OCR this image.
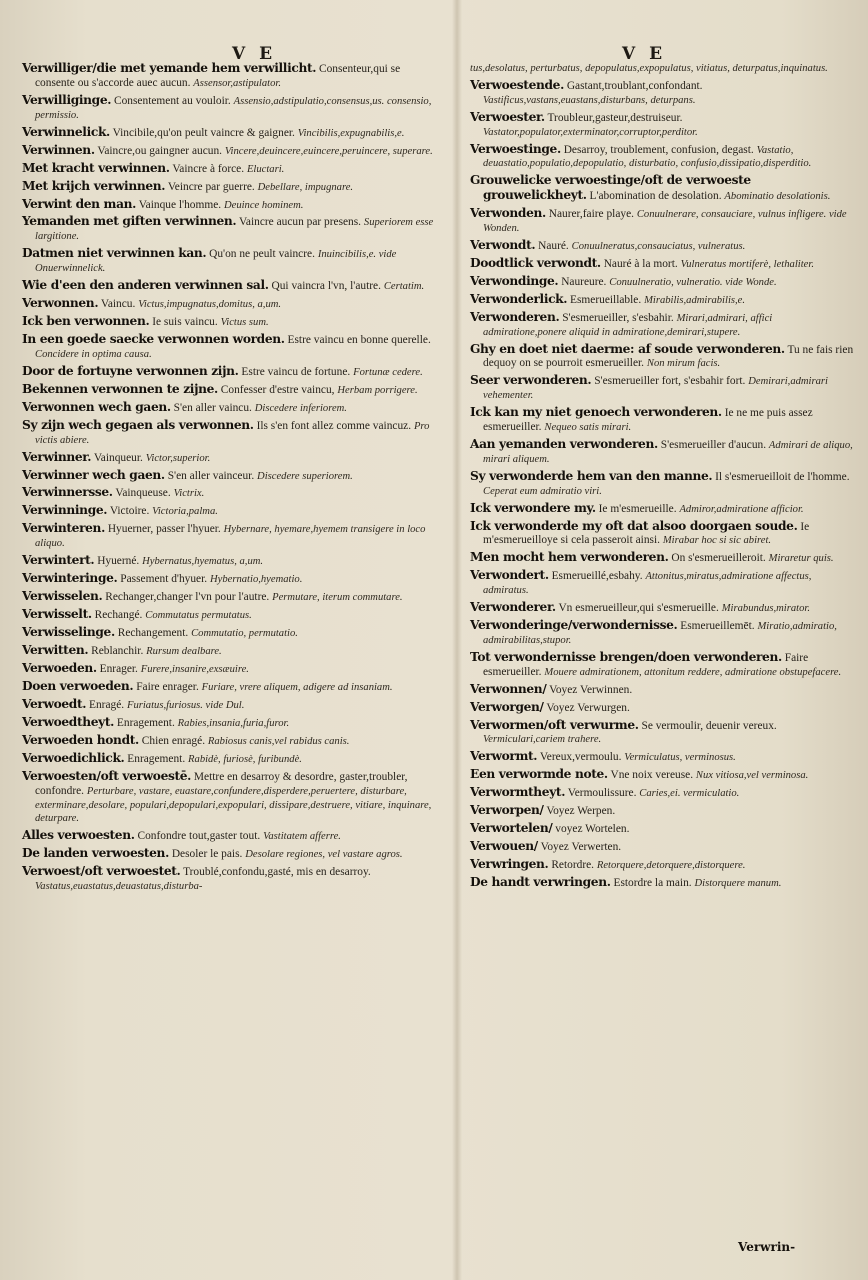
V E	V E
Verwilliger/die met yemande hem verwillicht. Consenteur,qui se consente ou s'accorde auec aucun. Assensor,astipulator.
Verwilliginge. Consentement au vouloir. Assensio,adstipulatio,consensus,us. consensio, permissio.
Verwinnelick. Vincibile,qu'on peult vaincre & gaigner. Vincibilis,expugnabilis,e.
Verwinnen. Vaincre,ou gaingner aucun. Vincere,deuincere,euincere,peruincere, superare.
Met kracht verwinnen. Vaincre à force. Eluctari.
Met krijch verwinnen. Veincre par guerre. Debellare, impugnare.
Verwint den man. Vainque l'homme. Deuince hominem.
Yemanden met giften verwinnen. Vaincre aucun par presens. Superiorem esse largitione.
Datmen niet verwinnen kan. Qu'on ne peult vaincre. Inuincibilis,e. vide Onuerwinnelick.
Wie d'een den anderen verwinnen sal. Qui vaincra l'vn, l'autre. Certatim.
Verwonnen. Vaincu. Victus,impugnatus,domitus, a,um.
Ick ben verwonnen. Ie suis vaincu. Victus sum.
In een goede saecke verwonnen worden. Estre vaincu en bonne querelle. Concidere in optima causa.
Door de fortuyne verwonnen zijn. Estre vaincu de fortune. Fortunæ cedere.
Bekennen verwonnen te zijne. Confesser d'estre vaincu, Herbam porrigere.
Verwonnen wech gaen. S'en aller vaincu. Discedere inferiorem.
Sy zijn wech gegaen als verwonnen. Ils s'en font allez comme vaincuz. Pro victis abiere.
Verwinner. Vainqueur. Victor,superior.
Verwinner wech gaen. S'en aller vainceur. Discedere superiorem.
Verwinnersse. Vainqueuse. Victrix.
Verwinninge. Victoire. Victoria,palma.
Verwinteren. Hyuerner, passer l'hyuer. Hybernare, hyemare,hyemem transigere in loco aliquo.
Verwintert. Hyuerné. Hybernatus,hyematus, a,um.
Verwinteringe. Passement d'hyuer. Hybernatio,hyematio.
Verwisselen. Rechanger,changer l'vn pour l'autre. Permutare, iterum commutare.
Verwisselt. Rechangé. Commutatus permutatus.
Verwisselinge. Rechangement. Commutatio, permutatio.
Verwitten. Reblanchir. Rursum dealbare.
Verwoeden. Enrager. Furere,insanire,exsæuire.
Doen verwoeden. Faire enrager. Furiare, vrere aliquem, adigere ad insaniam.
Verwoedt. Enragé. Furiatus,furiosus. vide Dul.
Verwoedtheyt. Enragement. Rabies,insania,furia,furor.
Verwoeden hondt. Chien enragé. Rabiosus canis,vel rabidus canis.
Verwoedichlick. Enragement. Rabidè, furiosè, furibundè.
Verwoesten/oft verwoestē. Mettre en desarroy & desordre, gaster,troubler, confondre. Perturbare, vastare, euastare,confundere,disperdere,peruertere, disturbare, exterminare,desolare, populari,depopulari,expopulari, dissipare,destruere, vitiare, inquinare, deturpare.
Alles verwoesten. Confondre tout,gaster tout. Vastitatem afferre.
De landen verwoesten. Desoler le pais. Desolare regiones, vel vastare agros.
Verwoest/oft verwoestet. Troublé,confondu,gasté, mis en desarroy. Vastatus,euastatus,deuastatus,disturba-
tus,desolatus, perturbatus, depopulatus,expopulatus, vitiatus, deturpatus,inquinatus.
Verwoestende. Gastant,troublant,confondant. Vastificus,vastans,euastans,disturbans, deturpans.
Verwoester. Troubleur,gasteur,destruiseur. Vastator,populator,exterminator,corruptor,perditor.
Verwoestinge. Desarroy, troublement, confusion, degast. Vastatio, deuastatio,populatio,depopulatio, disturbatio, confusio,dissipatio,disperditio.
Grouwelicke verwoestinge/oft de verwoeste grouwelickheyt. L'abomination de desolation. Abominatio desolationis.
Verwonden. Naurer,faire playe. Conuulnerare, consauciare, vulnus infligere. vide Wonden.
Verwondt. Nauré. Conuulneratus,consauciatus, vulneratus.
Doodtlick verwondt. Nauré à la mort. Vulneratus mortiferè, lethaliter.
Verwondinge. Naureure. Conuulneratio, vulneratio. vide Wonde.
Verwonderlick. Esmerueillable. Mirabilis,admirabilis,e.
Verwonderen. S'esmerueiller, s'esbahir. Mirari,admirari, affici admiratione,ponere aliquid in admiratione,demirari,stupere.
Ghy en doet niet daerme: af soude verwonderen. Tu ne fais rien dequoy on se pourroit esmerueiller. Non mirum facis.
Seer verwonderen. S'esmerueiller fort, s'esbahir fort. Demirari,admirari vehementer.
Ick kan my niet genoech verwonderen. Ie ne me puis assez esmerueiller. Nequeo satis mirari.
Aan yemanden verwonderen. S'esmerueiller d'aucun. Admirari de aliquo, mirari aliquem.
Sy verwonderde hem van den manne. Il s'esmerueilloit de l'homme. Ceperat eum admiratio viri.
Ick verwondere my. Ie m'esmerueille. Admiror,admiratione afficior.
Ick verwonderde my oft dat alsoo doorgaen soude. Ie m'esmerueilloye si cela passeroit ainsi. Mirabar hoc si sic abiret.
Men mocht hem verwonderen. On s'esmerueilleroit. Miraretur quis.
Verwondert. Esmerueillé,esbahy. Attonitus,miratus,admiratione affectus, admiratus.
Verwonderer. Vn esmerueilleur,qui s'esmerueille. Mirabundus,mirator.
Verwonderinge/verwondernisse. Esmerueillemēt. Miratio,admiratio, admirabilitas,stupor.
Tot verwondernisse brengen/doen verwonderen. Faire esmerueiller. Mouere admirationem, attonitum reddere, admiratione obstupefacere.
Verwonnen/ Voyez Verwinnen.
Verworgen/ Voyez Verwurgen.
Verwormen/oft verwurme. Se vermoulir, deuenir vereux. Vermiculari,cariem trahere.
Verwormt. Vereux,vermoulu. Vermiculatus, verminosus.
Een verwormde note. Vne noix vereuse. Nux vitiosa,vel verminosa.
Verwormtheyt. Vermoulissure. Caries,ei. vermiculatio.
Verworpen/ Voyez Werpen.
Verwortelen/ voyez Wortelen.
Verwouen/ Voyez Verwerten.
Verwringen. Retordre. Retorquere,detorquere,distorquere.
De handt verwringen. Estordre la main. Distorquere manum.
Verwrin-
